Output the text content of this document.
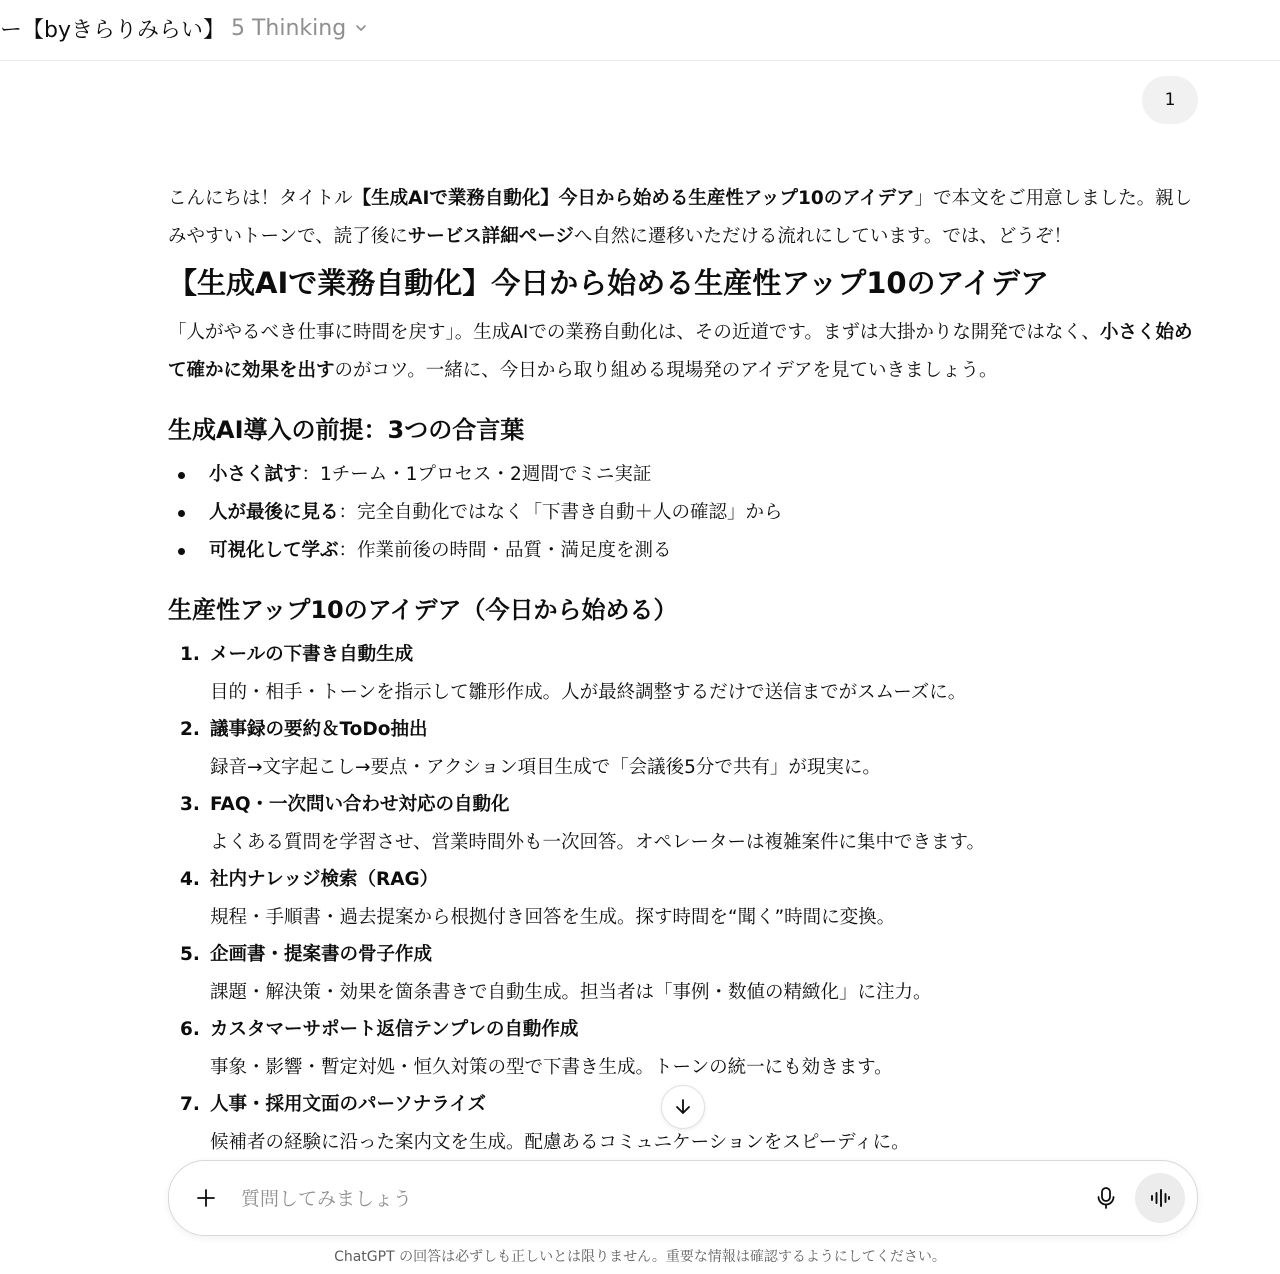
ー【byきらりみらい】 5 Thinking
1

こんにちは！タイトル【生成AIで業務自動化】今日から始める生産性アップ10のアイデア」で本文をご用意しました。親しみやすいトーンで、読了後にサービス詳細ページへ自然に遷移いただける流れにしています。では、どうぞ！

【生成AIで業務自動化】今日から始める生産性アップ10のアイデア

「人がやるべき仕事に時間を戻す」。生成AIでの業務自動化は、その近道です。まずは大掛かりな開発ではなく、小さく始めて確かに効果を出すのがコツ。一緒に、今日から取り組める現場発のアイデアを見ていきましょう。

生成AI導入の前提：3つの合言葉
小さく試す ：1チーム・1プロセス・2週間でミニ実証
人が最後に見る ：完全自動化ではなく「下書き自動＋人の確認」から
可視化して学ぶ ：作業前後の時間・品質・満足度を測る
生産性アップ10のアイデア（今日から始める）
1. メールの下書き自動生成
目的・相手・トーンを指示して雛形作成。人が最終調整するだけで送信までがスムーズに。
2. 議事録の要約＆ToDo抽出
録音→文字起こし→要点・アクション項目生成で「会議後5分で共有」が現実に。
3. FAQ・一次問い合わせ対応の自動化
よくある質問を学習させ、営業時間外も一次回答。オペレーターは複雑案件に集中できます。
4. 社内ナレッジ検索（RAG）
規程・手順書・過去提案から根拠付き回答を生成。探す時間を“聞く”時間に変換。
5. 企画書・提案書の骨子作成
課題・解決策・効果を箇条書きで自動生成。担当者は「事例・数値の精緻化」に注力。
6. カスタマーサポート返信テンプレの自動作成
事象・影響・暫定対処・恒久対策の型で下書き生成。トーンの統一にも効きます。
7. 人事・採用文面のパーソナライズ
候補者の経験に沿った案内文を生成。配慮あるコミュニケーションをスピーディに。
質問してみましょう
ChatGPT の回答は必ずしも正しいとは限りません。重要な情報は確認するようにしてください。
